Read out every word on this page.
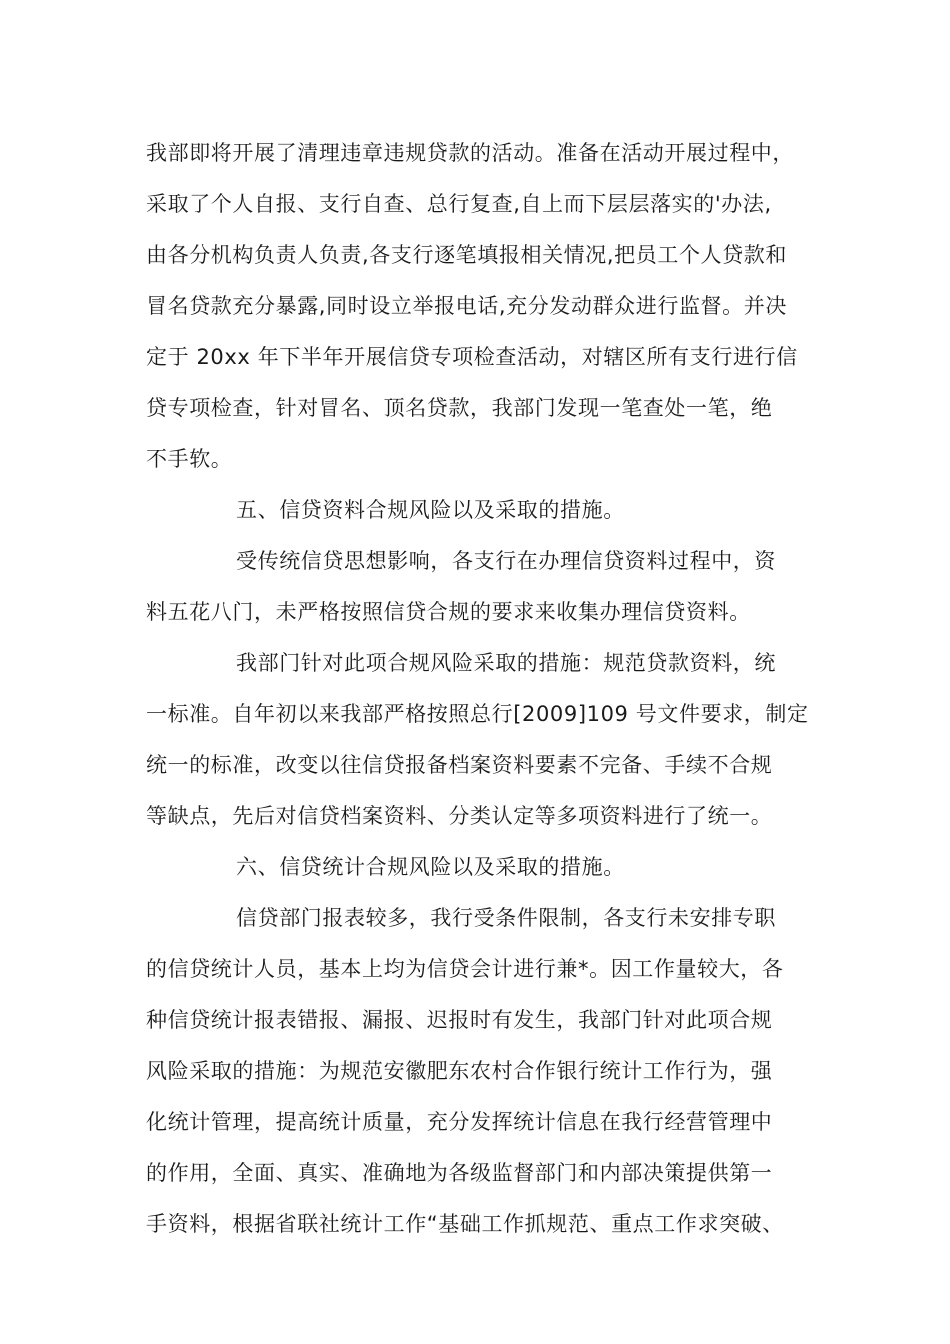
我部即将开展了清理违章违规贷款的活动。准备在活动开展过程中，
采取了个人自报、支行自查、总行复查,自上而下层层落实的'办法,
由各分机构负责人负责,各支行逐笔填报相关情况,把员工个人贷款和
冒名贷款充分暴露,同时设立举报电话,充分发动群众进行监督。并决
定于 20xx 年下半年开展信贷专项检查活动，对辖区所有支行进行信
贷专项检查，针对冒名、顶名贷款，我部门发现一笔查处一笔，绝
不手软。
五、信贷资料合规风险以及采取的措施。
受传统信贷思想影响，各支行在办理信贷资料过程中，资
料五花八门，未严格按照信贷合规的要求来收集办理信贷资料。
我部门针对此项合规风险采取的措施：规范贷款资料，统
一标准。自年初以来我部严格按照总行[2009]109 号文件要求，制定
统一的标准，改变以往信贷报备档案资料要素不完备、手续不合规
等缺点，先后对信贷档案资料、分类认定等多项资料进行了统一。
六、信贷统计合规风险以及采取的措施。
信贷部门报表较多，我行受条件限制，各支行未安排专职
的信贷统计人员，基本上均为信贷会计进行兼*。因工作量较大，各
种信贷统计报表错报、漏报、迟报时有发生，我部门针对此项合规
风险采取的措施：为规范安徽肥东农村合作银行统计工作行为，强
化统计管理，提高统计质量，充分发挥统计信息在我行经营管理中
的作用，全面、真实、准确地为各级监督部门和内部决策提供第一
手资料，根据省联社统计工作“基础工作抓规范、重点工作求突破、
